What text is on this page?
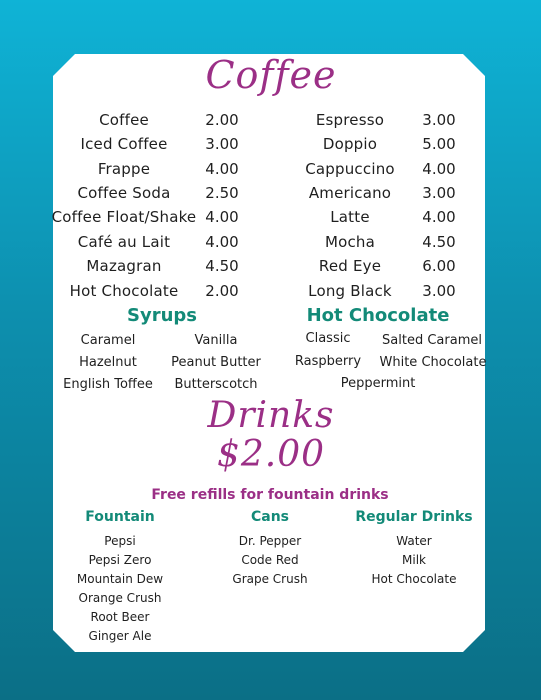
Coffee
Coffee	2.00
Iced Coffee	3.00
Frappe	4.00
Coffee Soda 2.50
Coffee Float/Shake 4.00
Café au Lait 4.00
Mazagran	4.50
Hot Chocolate 2.00
Espresso	3.00
Doppio	5.00
Cappuccino 4.00
Americano 3.00
Latte	4.00
Mocha	4.50
Red Eye	6.00
Long Black 3.00
Syrups
Caramel	Vanilla
Hazelnut	Peanut Butter
English Toffee Butterscotch
Hot Chocolate
Classic Salted Caramel
Raspberry White Chocolate
Peppermint
Drinks
$2.00
Free refills for fountain drinks
Fountain
Pepsi
Pepsi Zero
Mountain Dew
Orange Crush
Root Beer
Ginger Ale
Cans
Dr. Pepper
Code Red
Grape Crush
Regular Drinks
Water
Milk
Hot Chocolate
